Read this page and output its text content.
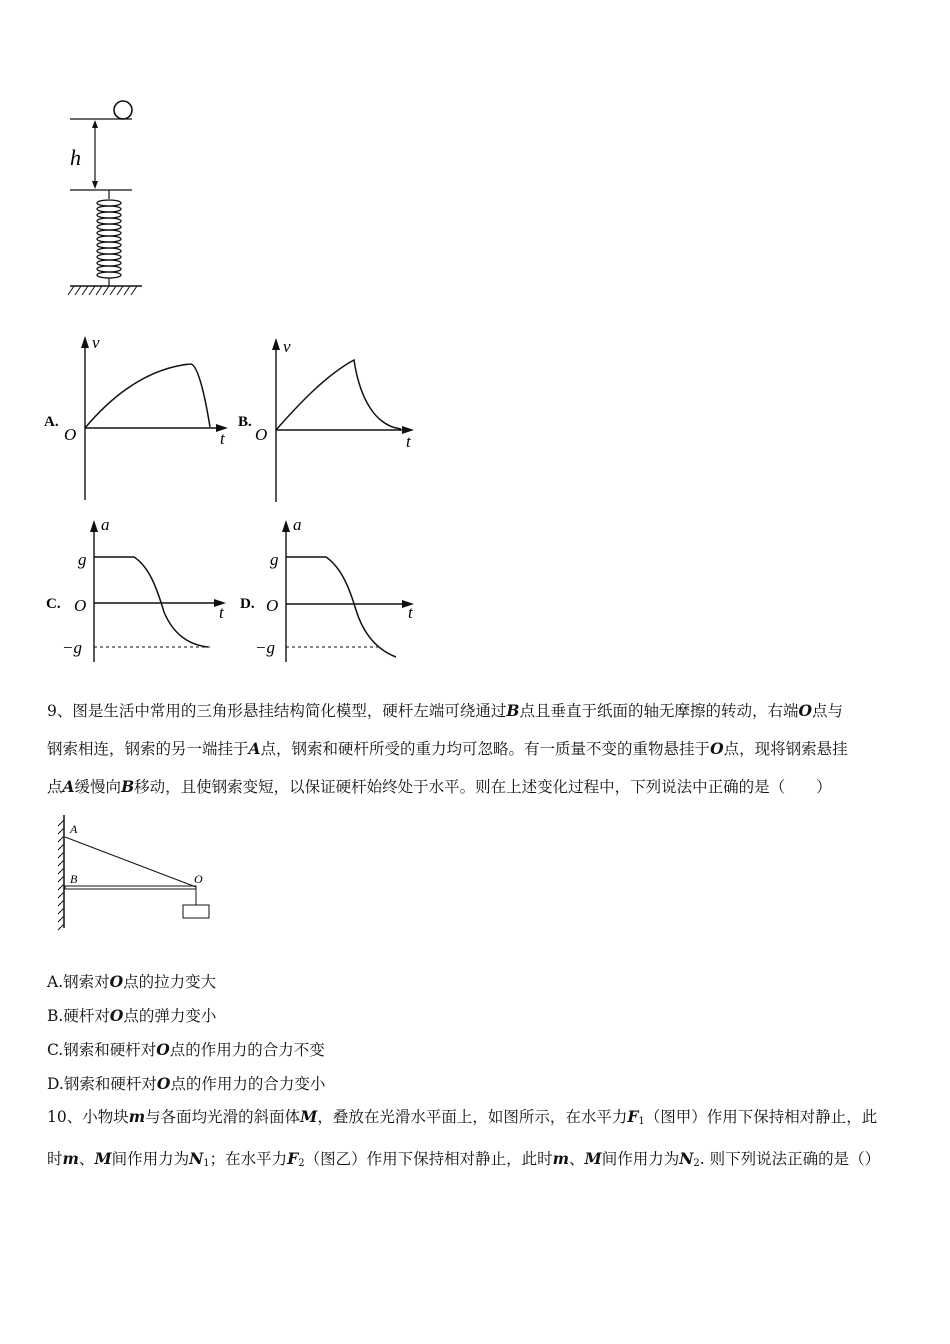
h
A.
v
t
O
B.
v
t
O
C.
a
t
O
g
−g
D.
a
t
O
g
−g

9、图是生活中常用的三角形悬挂结构简化模型，硬杆左端可绕通过B点且垂直于纸面的轴无摩擦的转动，右端O点与

钢索相连，钢索的另一端挂于A点，钢索和硬杆所受的重力均可忽略。有一质量不变的重物悬挂于O点，现将钢索悬挂

点A缓慢向B移动，且使钢索变短，以保证硬杆始终处于水平。则在上述变化过程中，下列说法中正确的是（　　）

A
B	O
A.钢索对O点的拉力变大
B.硬杆对O点的弹力变小
C.钢索和硬杆对O点的作用力的合力不变
D.钢索和硬杆对O点的作用力的合力变小

10、小物块m与各面均光滑的斜面体M，叠放在光滑水平面上，如图所示，在水平力$F_1$（图甲）作用下保持相对静止，此

时m、M间作用力为$N_1$；在水平力$F_2$（图乙）作用下保持相对静止，此时m、M间作用力为$N_2$. 则下列说法正确的是（）
